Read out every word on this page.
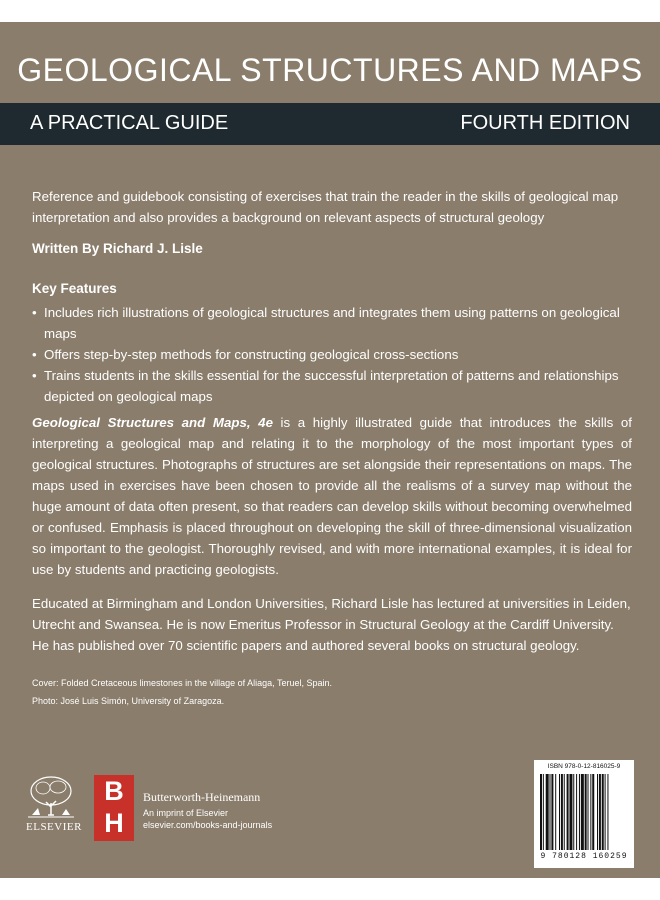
GEOLOGICAL STRUCTURES AND MAPS
A PRACTICAL GUIDE	FOURTH EDITION
Reference and guidebook consisting of exercises that train the reader in the skills of geological map interpretation and also provides a background on relevant aspects of structural geology
Written By Richard J. Lisle
Key Features
• Includes rich illustrations of geological structures and integrates them using patterns on geological maps
• Offers step-by-step methods for constructing geological cross-sections
• Trains students in the skills essential for the successful interpretation of patterns and relationships depicted on geological maps
Geological Structures and Maps, 4e is a highly illustrated guide that introduces the skills of interpreting a geological map and relating it to the morphology of the most important types of geological structures. Photographs of structures are set alongside their representations on maps. The maps used in exercises have been chosen to provide all the realisms of a survey map without the huge amount of data often present, so that readers can develop skills without becoming overwhelmed or confused. Emphasis is placed throughout on developing the skill of three-dimensional visualization so important to the geologist. Thoroughly revised, and with more international examples, it is ideal for use by students and practicing geologists.
Educated at Birmingham and London Universities, Richard Lisle has lectured at universities in Leiden, Utrecht and Swansea. He is now Emeritus Professor in Structural Geology at the Cardiff University. He has published over 70 scientific papers and authored several books on structural geology.
Cover: Folded Cretaceous limestones in the village of Aliaga, Teruel, Spain.
Photo: José Luis Simón, University of Zaragoza.
ELSEVIER
B
H
Butterworth-Heinemann
An imprint of Elsevier
elsevier.com/books-and-journals
ISBN 978-0-12-816025-9
9 780128 160259
